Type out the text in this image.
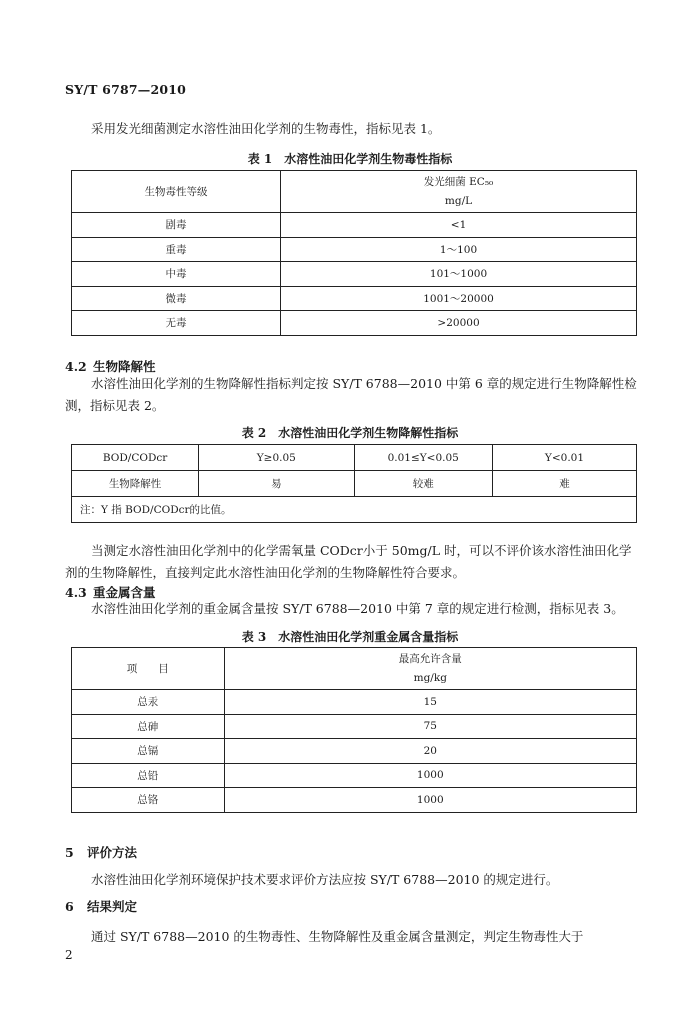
SY/T 6787—2010
采用发光细菌测定水溶性油田化学剂的生物毒性，指标见表 1。
表 1　水溶性油田化学剂生物毒性指标
生物毒性等级	发光细菌 EC₅₀
mg/L

剧毒	<1
重毒	1～100
中毒	101～1000
微毒	1001～20000
无毒	>20000
4.2 生物降解性
水溶性油田化学剂的生物降解性指标判定按 SY/T 6788—2010 中第 6 章的规定进行生物降解性检测，指标见表 2。
表 2　水溶性油田化学剂生物降解性指标
BOD/CODcr	Y≥0.05	0.01≤Y<0.05	Y<0.01
生物降解性	易	较难	难
注：Y 指 BOD/CODcr的比值。			
当测定水溶性油田化学剂中的化学需氧量 CODcr小于 50mg/L 时，可以不评价该水溶性油田化学剂的生物降解性，直接判定此水溶性油田化学剂的生物降解性符合要求。
4.3 重金属含量
水溶性油田化学剂的重金属含量按 SY/T 6788—2010 中第 7 章的规定进行检测，指标见表 3。
表 3　水溶性油田化学剂重金属含量指标
项　　目	最高允许含量
mg/kg

总汞	15
总砷	75
总镉	20
总铅	1000
总铬	1000
5 评价方法
水溶性油田化学剂环境保护技术要求评价方法应按 SY/T 6788—2010 的规定进行。
6 结果判定
通过 SY/T 6788—2010 的生物毒性、生物降解性及重金属含量测定，判定生物毒性大于
2
